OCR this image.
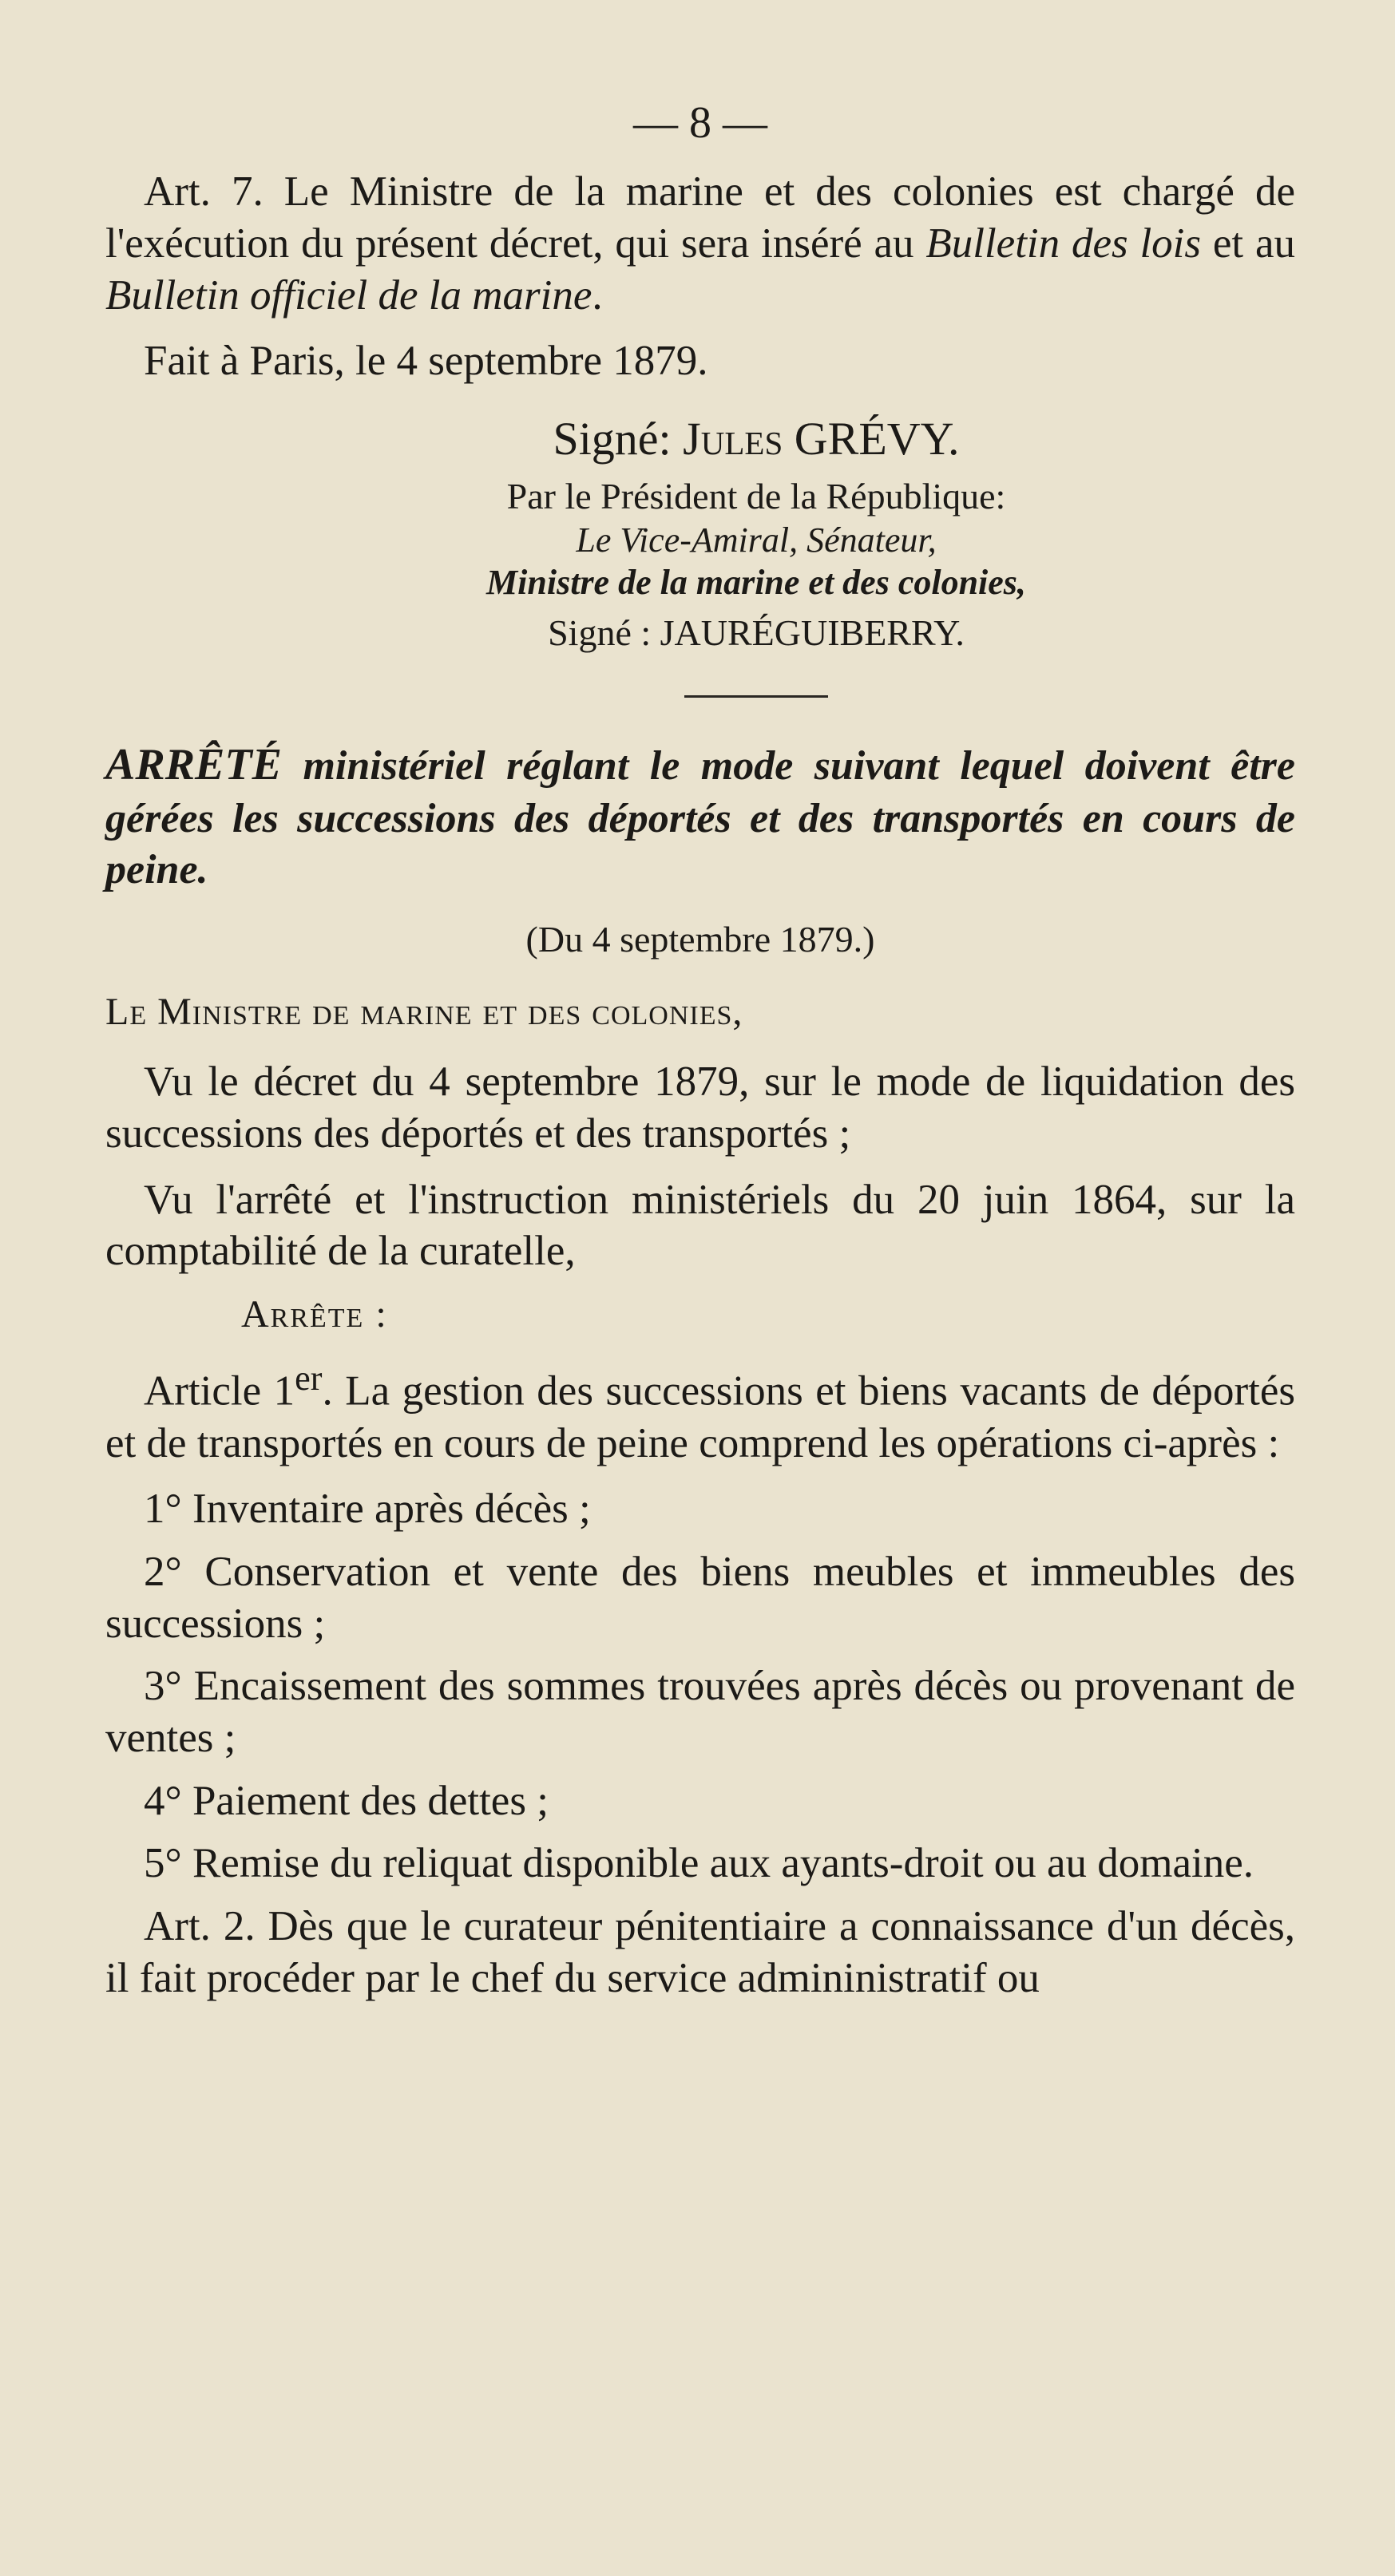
— 8 —

Art. 7. Le Ministre de la marine et des colonies est chargé de l'exécution du présent décret, qui sera inséré au Bulletin des lois et au Bulletin officiel de la marine.

Fait à Paris, le 4 septembre 1879.

Signé: Jules GRÉVY.
Par le Président de la République:
Le Vice-Amiral, Sénateur,
Ministre de la marine et des colonies,
Signé : JAURÉGUIBERRY.

ARRÊTÉ ministériel réglant le mode suivant lequel doivent être gérées les successions des déportés et des transportés en cours de peine.

(Du 4 septembre 1879.)
Le Ministre de marine et des colonies,

Vu le décret du 4 septembre 1879, sur le mode de liquidation des successions des déportés et des transportés ;

Vu l'arrêté et l'instruction ministériels du 20 juin 1864, sur la comptabilité de la curatelle,

Arrête :

Article 1er. La gestion des successions et biens vacants de déportés et de transportés en cours de peine comprend les opérations ci-après :

1° Inventaire après décès ;

2° Conservation et vente des biens meubles et immeubles des successions ;

3° Encaissement des sommes trouvées après décès ou provenant de ventes ;

4° Paiement des dettes ;

5° Remise du reliquat disponible aux ayants-droit ou au domaine.

Art. 2. Dès que le curateur pénitentiaire a connaissance d'un décès, il fait procéder par le chef du service admininistratif ou
